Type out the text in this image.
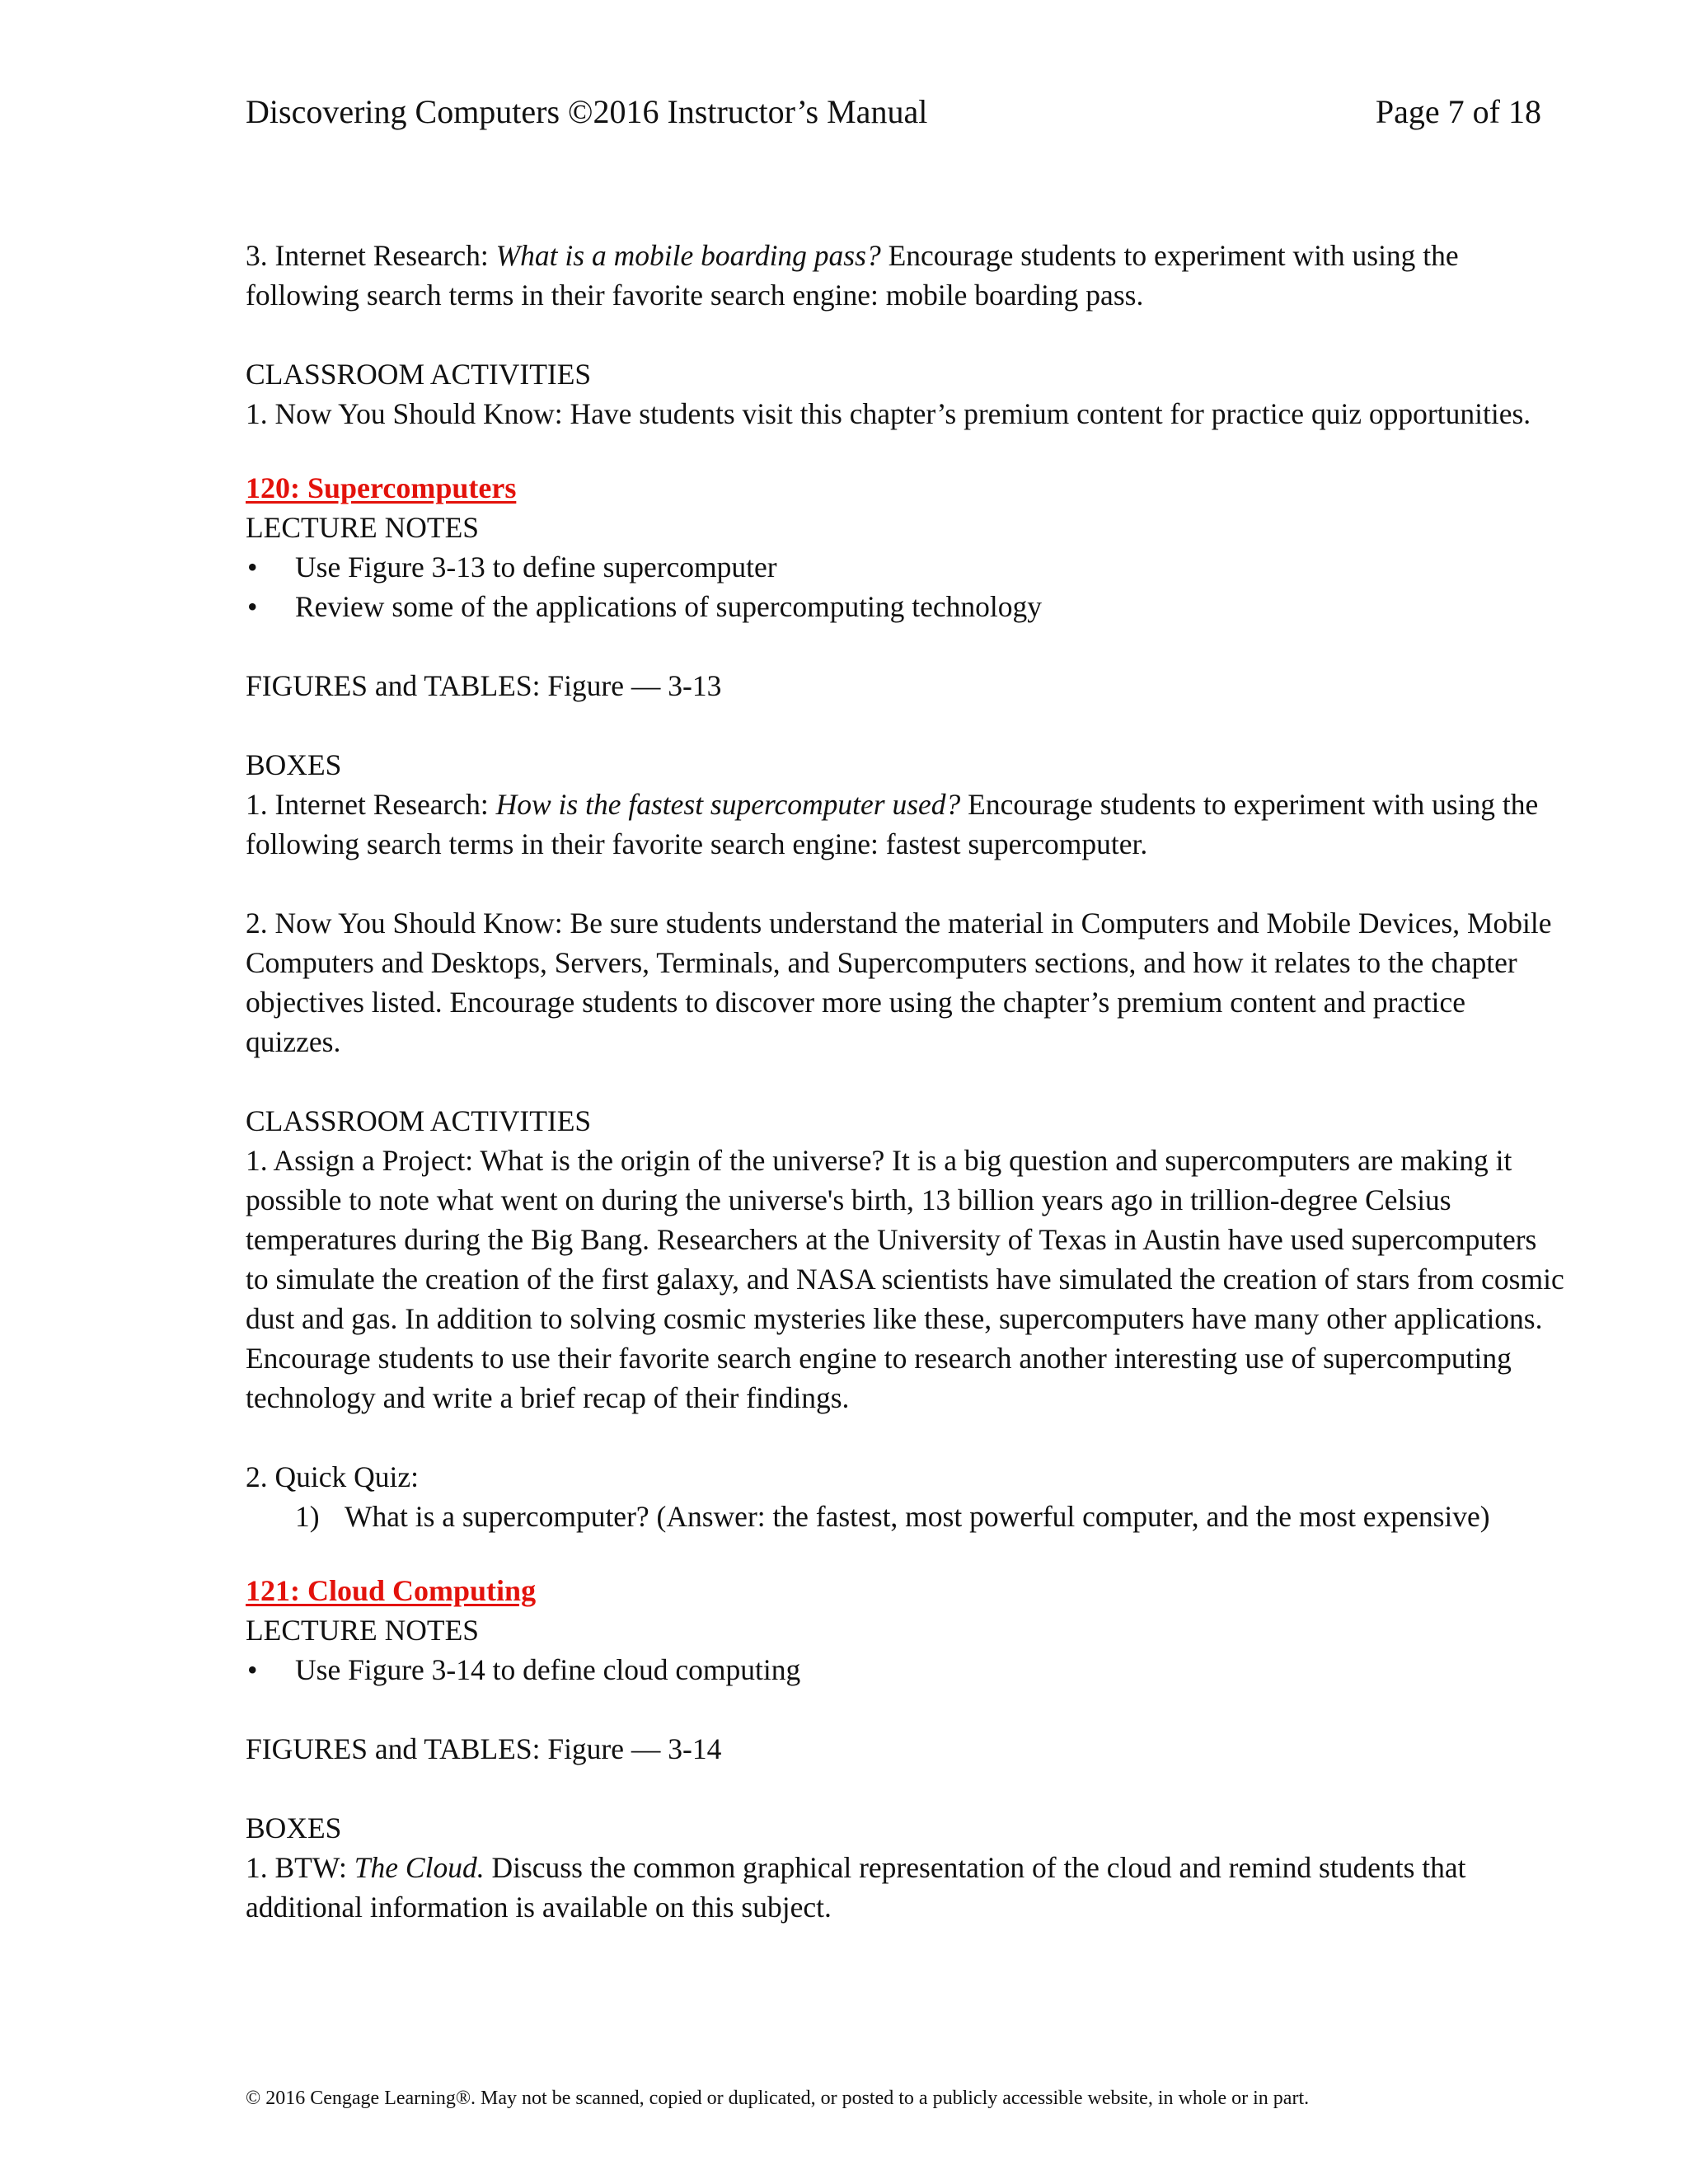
Discovering Computers ©2016 Instructor’s Manual	Page 7 of 18

3. Internet Research: What is a mobile boarding pass? Encourage students to experiment with using the following search terms in their favorite search engine: mobile boarding pass.

CLASSROOM ACTIVITIES

1. Now You Should Know: Have students visit this chapter’s premium content for practice quiz opportunities.

120: Supercomputers

LECTURE NOTES

• Use Figure 3-13 to define supercomputer
• Review some of the applications of supercomputing technology

FIGURES and TABLES: Figure — 3-13

BOXES

1. Internet Research: How is the fastest supercomputer used? Encourage students to experiment with using the following search terms in their favorite search engine: fastest supercomputer.

2. Now You Should Know: Be sure students understand the material in Computers and Mobile Devices, Mobile Computers and Desktops, Servers, Terminals, and Supercomputers sections, and how it relates to the chapter objectives listed. Encourage students to discover more using the chapter’s premium content and practice quizzes.

CLASSROOM ACTIVITIES

1. Assign a Project: What is the origin of the universe? It is a big question and supercomputers are making it possible to note what went on during the universe's birth, 13 billion years ago in trillion-degree Celsius temperatures during the Big Bang. Researchers at the University of Texas in Austin have used supercomputers to simulate the creation of the first galaxy, and NASA scientists have simulated the creation of stars from cosmic dust and gas. In addition to solving cosmic mysteries like these, supercomputers have many other applications. Encourage students to use their favorite search engine to research another interesting use of supercomputing technology and write a brief recap of their findings.

2. Quick Quiz:

1) What is a supercomputer? (Answer: the fastest, most powerful computer, and the most expensive)
121: Cloud Computing

LECTURE NOTES

• Use Figure 3-14 to define cloud computing

FIGURES and TABLES: Figure — 3-14

BOXES

1. BTW: The Cloud. Discuss the common graphical representation of the cloud and remind students that additional information is available on this subject.

© 2016 Cengage Learning®. May not be scanned, copied or duplicated, or posted to a publicly accessible website, in whole or in part.
